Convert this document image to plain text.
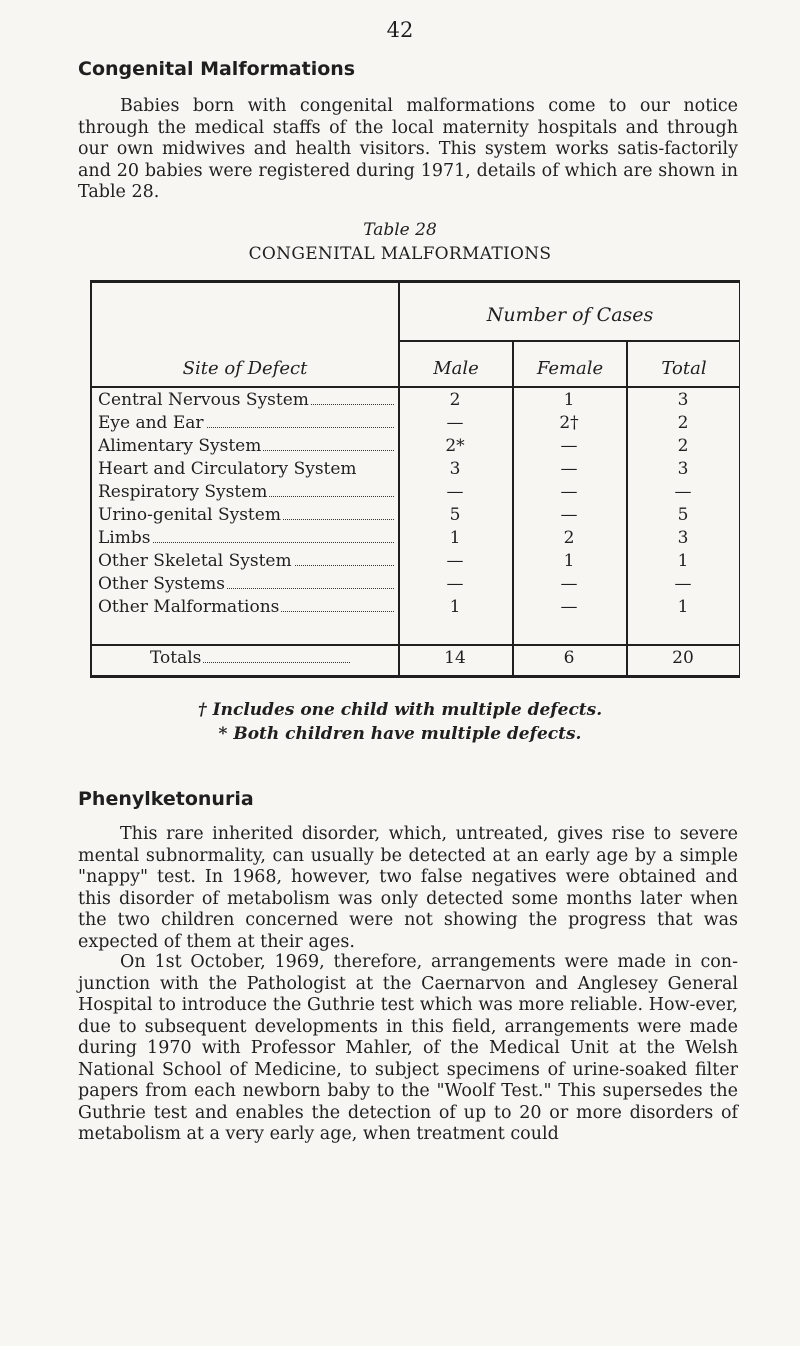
42
Congenital Malformations

Babies born with congenital malformations come to our notice through the medical staffs of the local maternity hospitals and through our own midwives and health visitors. This system works satis-factorily and 20 babies were registered during 1971, details of which are shown in Table 28.

Table 28
CONGENITAL MALFORMATIONS
Number of Cases
Site of Defect	Male	Female	Total
Central Nervous System	2	1	3
Eye and Ear	—	2†	2
Alimentary System	2*	—	2
Heart and Circulatory System	3	—	3
Respiratory System	—	—	—
Urino-genital System	5	—	5
Limbs	1	2	3
Other Skeletal System	—	1	1
Other Systems	—	—	—
Other Malformations	1	—	1
Totals	14	6	20
† Includes one child with multiple defects.
* Both children have multiple defects.
Phenylketonuria

This rare inherited disorder, which, untreated, gives rise to severe mental subnormality, can usually be detected at an early age by a simple "nappy" test. In 1968, however, two false negatives were obtained and this disorder of metabolism was only detected some months later when the two children concerned were not showing the progress that was expected of them at their ages.

On 1st October, 1969, therefore, arrangements were made in con-junction with the Pathologist at the Caernarvon and Anglesey General Hospital to introduce the Guthrie test which was more reliable. How-ever, due to subsequent developments in this field, arrangements were made during 1970 with Professor Mahler, of the Medical Unit at the Welsh National School of Medicine, to subject specimens of urine-soaked filter papers from each newborn baby to the "Woolf Test." This supersedes the Guthrie test and enables the detection of up to 20 or more disorders of metabolism at a very early age, when treatment could
